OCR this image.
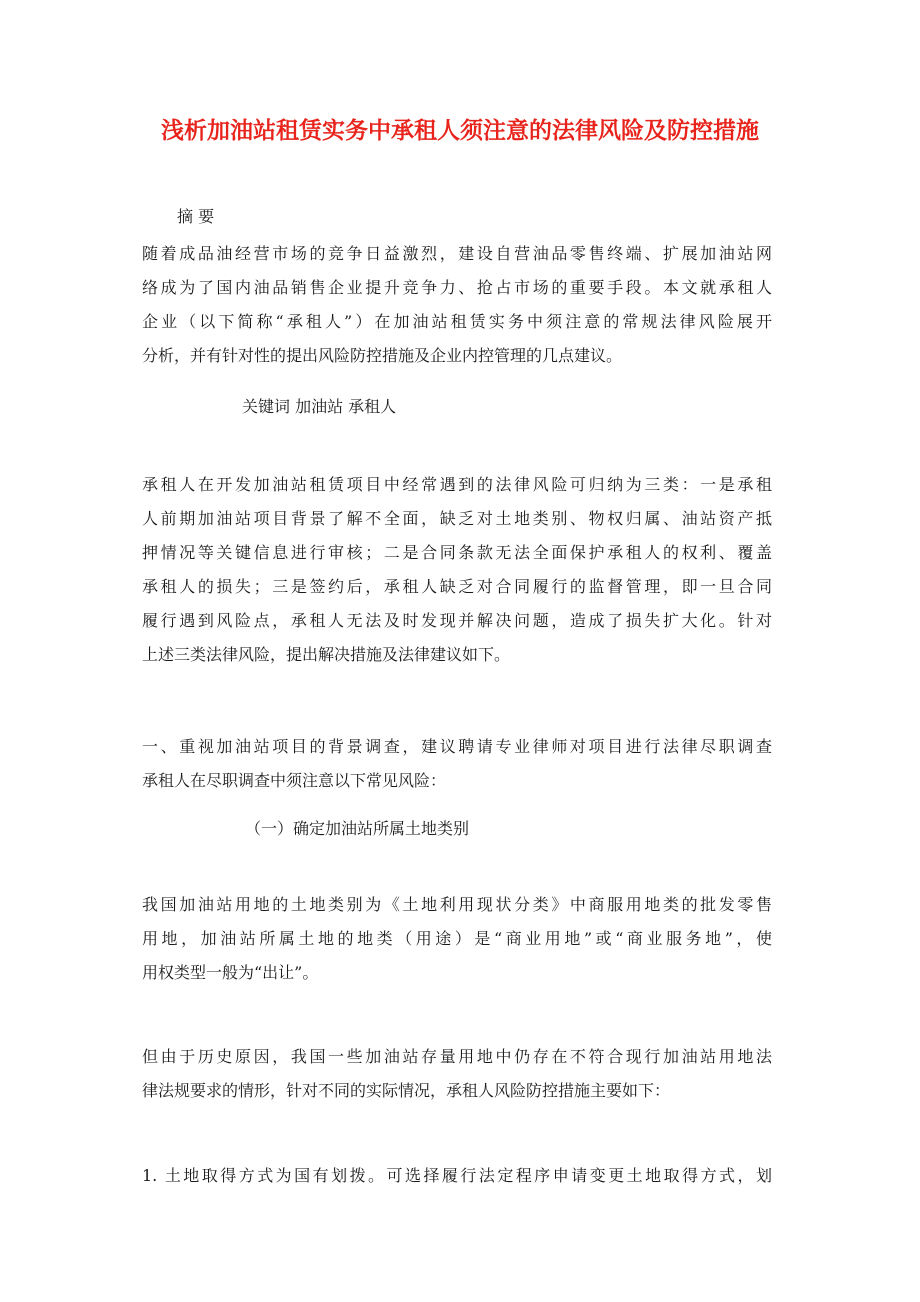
浅析加油站租赁实务中承租人须注意的法律风险及防控措施

摘 要

随着成品油经营市场的竞争日益激烈，建设自营油品零售终端、扩展加油站网
络成为了国内油品销售企业提升竞争力、抢占市场的重要手段。本文就承租人
企业（以下简称“承租人”）在加油站租赁实务中须注意的常规法律风险展开
分析，并有针对性的提出风险防控措施及企业内控管理的几点建议。

关键词 加油站 承租人

承租人在开发加油站租赁项目中经常遇到的法律风险可归纳为三类：一是承租
人前期加油站项目背景了解不全面，缺乏对土地类别、物权归属、油站资产抵
押情况等关键信息进行审核；二是合同条款无法全面保护承租人的权利、覆盖
承租人的损失；三是签约后，承租人缺乏对合同履行的监督管理，即一旦合同
履行遇到风险点，承租人无法及时发现并解决问题，造成了损失扩大化。针对
上述三类法律风险，提出解决措施及法律建议如下。
一、重视加油站项目的背景调查，建议聘请专业律师对项目进行法律尽职调查
承租人在尽职调查中须注意以下常见风险：

（一）确定加油站所属土地类别

我国加油站用地的土地类别为《土地利用现状分类》中商服用地类的批发零售
用地，加油站所属土地的地类（用途）是“商业用地”或“商业服务地”，使
用权类型一般为“出让”。
但由于历史原因，我国一些加油站存量用地中仍存在不符合现行加油站用地法
律法规要求的情形，针对不同的实际情况，承租人风险防控措施主要如下：
1. 土地取得方式为国有划拨。可选择履行法定程序申请变更土地取得方式，划
